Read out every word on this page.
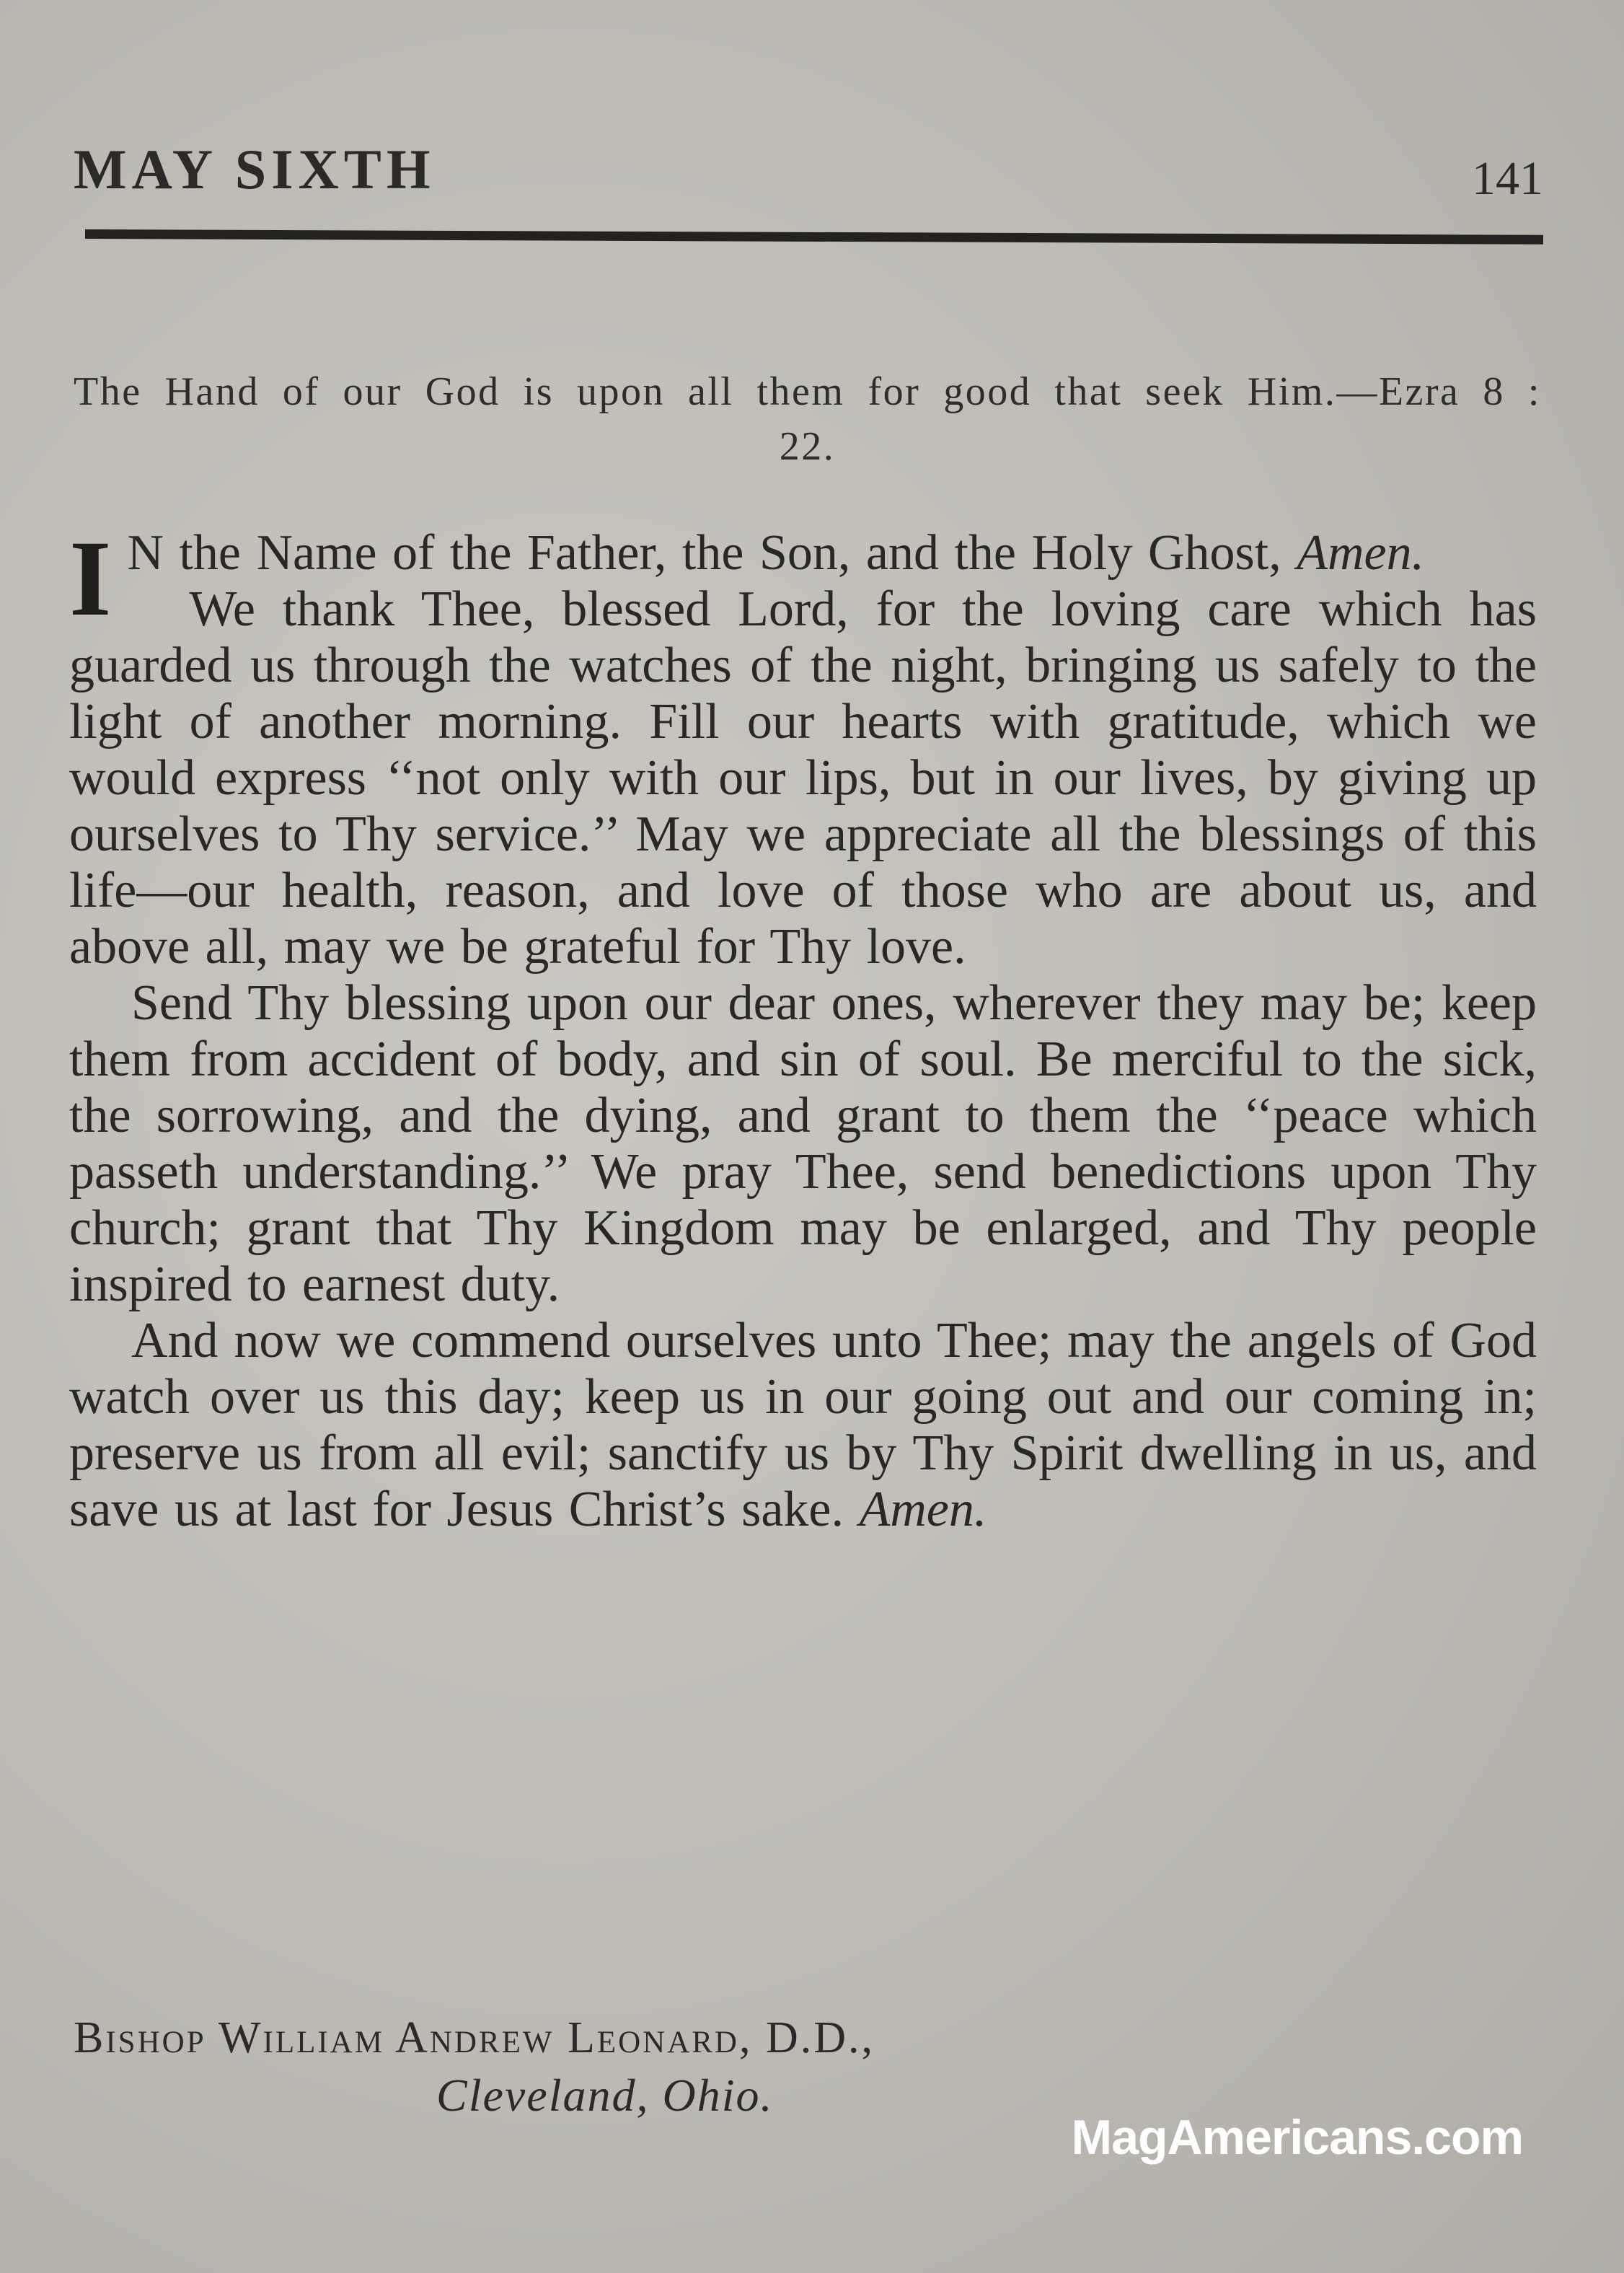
MAY SIXTH	141
The Hand of our God is upon all them for good that seek Him.—Ezra 8 : 22.

I N the Name of the Father, the Son, and the Holy Ghost, Amen.

We thank Thee, blessed Lord, for the loving care which has guarded us through the watches of the night, bringing us safely to the light of another morning. Fill our hearts with gratitude, which we would express ‘‘not only with our lips, but in our lives, by giving up ourselves to Thy service.’’ May we appreciate all the blessings of this life—our health, reason, and love of those who are about us, and above all, may we be grateful for Thy love.

Send Thy blessing upon our dear ones, wherever they may be; keep them from accident of body, and sin of soul. Be merciful to the sick, the sorrowing, and the dying, and grant to them the ‘‘peace which passeth understanding.’’ We pray Thee, send benedictions upon Thy church; grant that Thy Kingdom may be enlarged, and Thy people inspired to earnest duty.

And now we commend ourselves unto Thee; may the angels of God watch over us this day; keep us in our going out and our coming in; preserve us from all evil; sanctify us by Thy Spirit dwelling in us, and save us at last for Jesus Christ’s sake. Amen.

Bishop William Andrew Leonard, D.D.,
Cleveland, Ohio.
MagAmericans.com
